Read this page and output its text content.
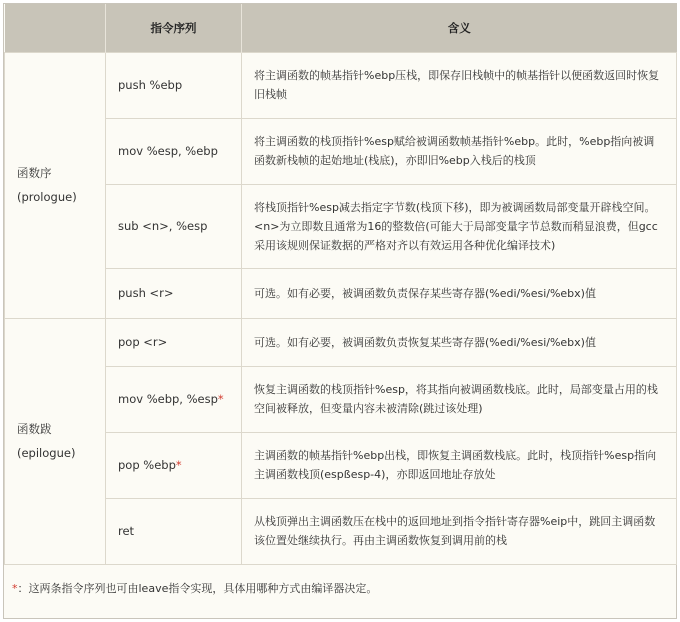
	指令序列	含义

函数序
(prologue)	push %ebp	将主调函数的帧基指针%ebp压栈，即保存旧栈帧中的帧基指针以便函数返回时恢复旧栈帧
	mov %esp, %ebp	将主调函数的栈顶指针%esp赋给被调函数帧基指针%ebp。此时，%ebp指向被调函数新栈帧的起始地址(栈底)，亦即旧%ebp入栈后的栈顶
	sub <n>, %esp	将栈顶指针%esp减去指定字节数(栈顶下移)，即为被调函数局部变量开辟栈空间。<n>为立即数且通常为16的整数倍(可能大于局部变量字节总数而稍显浪费，但gcc采用该规则保证数据的严格对齐以有效运用各种优化编译技术)
	push <r>	可选。如有必要，被调函数负责保存某些寄存器(%edi/%esi/%ebx)值

函数跋
(epilogue)	pop <r>	可选。如有必要，被调函数负责恢复某些寄存器(%edi/%esi/%ebx)值
	mov %ebp, %esp*	恢复主调函数的栈顶指针%esp，将其指向被调函数栈底。此时，局部变量占用的栈空间被释放，但变量内容未被清除(跳过该处理)
	pop %ebp*	主调函数的帧基指针%ebp出栈，即恢复主调函数栈底。此时，栈顶指针%esp指向主调函数栈顶(espßesp-4)，亦即返回地址存放处
	ret	从栈顶弹出主调函数压在栈中的返回地址到指令指针寄存器%eip中，跳回主调函数该位置处继续执行。再由主调函数恢复到调用前的栈
*：这两条指令序列也可由leave指令实现，具体用哪种方式由编译器决定。
